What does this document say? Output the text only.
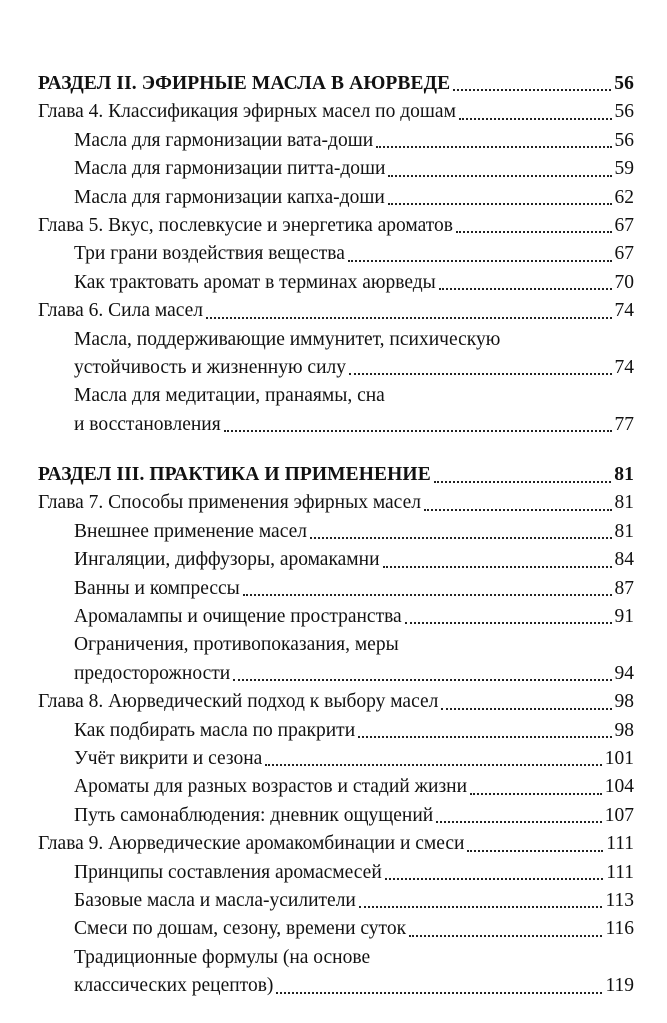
РАЗДЕЛ II. ЭФИРНЫЕ МАСЛА В АЮРВЕДЕ	56
Глава 4. Классификация эфирных масел по дошам	56
Масла для гармонизации вата-доши	56
Масла для гармонизации питта-доши	59
Масла для гармонизации капха-доши	62
Глава 5. Вкус, послевкусие и энергетика ароматов	67
Три грани воздействия вещества	67
Как трактовать аромат в терминах аюрведы	70
Глава 6. Сила масел	74
Масла, поддерживающие иммунитет, психическую
устойчивость и жизненную силу	74
Масла для медитации, пранаямы, сна
и восстановления	77
РАЗДЕЛ III. ПРАКТИКА И ПРИМЕНЕНИЕ	81
Глава 7. Способы применения эфирных масел	81
Внешнее применение масел	81
Ингаляции, диффузоры, аромакамни	84
Ванны и компрессы	87
Аромалампы и очищение пространства	91
Ограничения, противопоказания, меры
предосторожности	94
Глава 8. Аюрведический подход к выбору масел	98
Как подбирать масла по пракрити	98
Учёт викрити и сезона	101
Ароматы для разных возрастов и стадий жизни	104
Путь самонаблюдения: дневник ощущений	107
Глава 9. Аюрведические аромакомбинации и смеси	111
Принципы составления аромасмесей	111
Базовые масла и масла-усилители	113
Смеси по дошам, сезону, времени суток	116
Традиционные формулы (на основе
классических рецептов)	119
